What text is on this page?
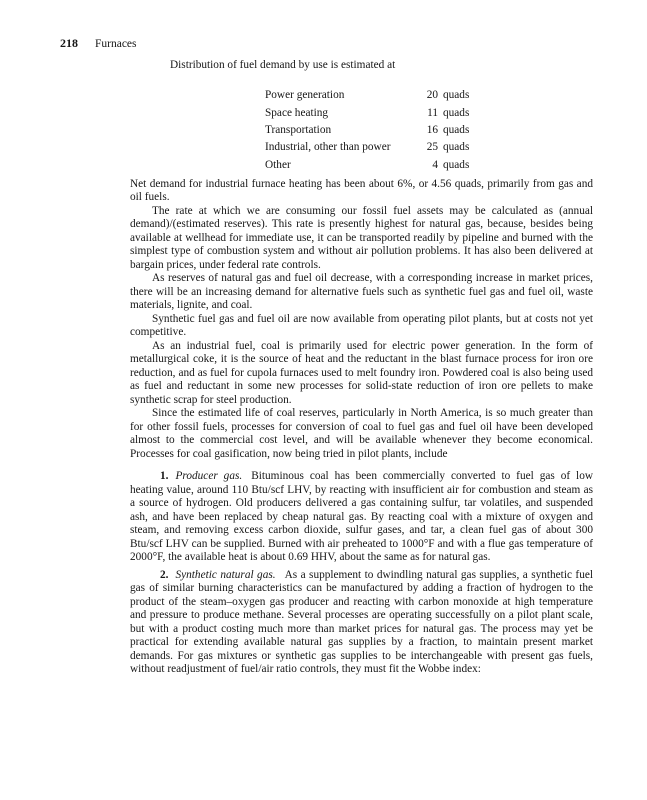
218 Furnaces
Distribution of fuel demand by use is estimated at
Power generation	20 quads
Space heating	11 quads
Transportation	16 quads
Industrial, other than power	25 quads
Other	4 quads

Net demand for industrial furnace heating has been about 6%, or 4.56 quads, primarily from gas and oil fuels.

The rate at which we are consuming our fossil fuel assets may be calculated as (annual demand)/(estimated reserves). This rate is presently highest for natural gas, because, besides being available at wellhead for immediate use, it can be transported readily by pipeline and burned with the simplest type of combustion system and without air pollution problems. It has also been delivered at bargain prices, under federal rate controls.

As reserves of natural gas and fuel oil decrease, with a corresponding increase in market prices, there will be an increasing demand for alternative fuels such as synthetic fuel gas and fuel oil, waste materials, lignite, and coal.

Synthetic fuel gas and fuel oil are now available from operating pilot plants, but at costs not yet competitive.

As an industrial fuel, coal is primarily used for electric power generation. In the form of metallurgical coke, it is the source of heat and the reductant in the blast furnace process for iron ore reduction, and as fuel for cupola furnaces used to melt foundry iron. Powdered coal is also being used as fuel and reductant in some new processes for solid-state reduction of iron ore pellets to make synthetic scrap for steel production.

Since the estimated life of coal reserves, particularly in North America, is so much greater than for other fossil fuels, processes for conversion of coal to fuel gas and fuel oil have been developed almost to the commercial cost level, and will be available whenever they become economical. Processes for coal gasification, now being tried in pilot plants, include

1. Producer gas. Bituminous coal has been commercially converted to fuel gas of low heating value, around 110 Btu/scf LHV, by reacting with insufficient air for combustion and steam as a source of hydrogen. Old producers delivered a gas containing sulfur, tar volatiles, and suspended ash, and have been replaced by cheap natural gas. By reacting coal with a mixture of oxygen and steam, and removing excess carbon dioxide, sulfur gases, and tar, a clean fuel gas of about 300 Btu/scf LHV can be supplied. Burned with air preheated to 1000°F and with a flue gas temperature of 2000°F, the available heat is about 0.69 HHV, about the same as for natural gas.

2. Synthetic natural gas. As a supplement to dwindling natural gas supplies, a synthetic fuel gas of similar burning characteristics can be manufactured by adding a fraction of hydrogen to the product of the steam–oxygen gas producer and reacting with carbon monoxide at high temperature and pressure to produce methane. Several processes are operating successfully on a pilot plant scale, but with a product costing much more than market prices for natural gas. The process may yet be practical for extending available natural gas supplies by a fraction, to maintain present market demands. For gas mixtures or synthetic gas supplies to be interchangeable with present gas fuels, without readjustment of fuel/air ratio controls, they must fit the Wobbe index:
